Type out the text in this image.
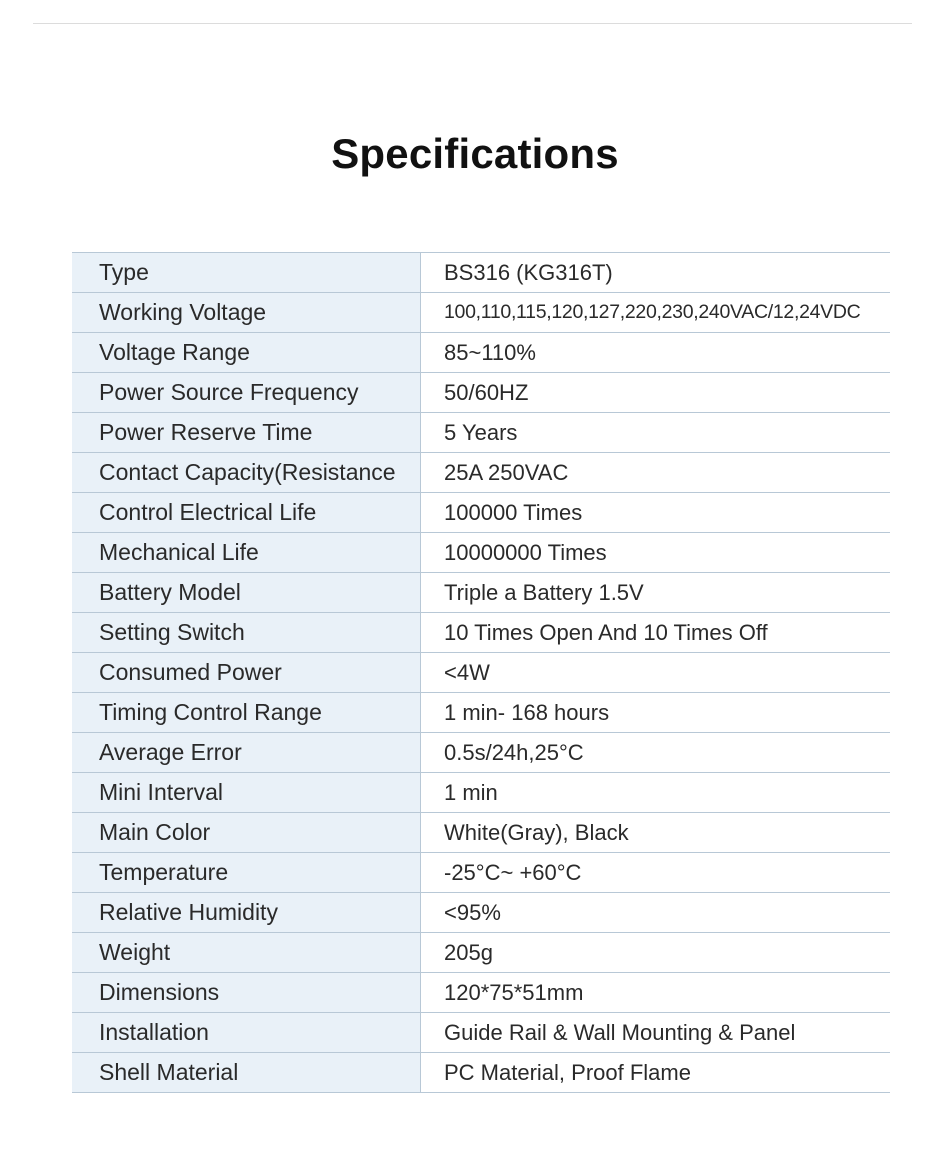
Specifications
Type	BS316 (KG316T)
Working Voltage	100,110,115,120,127,220,230,240VAC/12,24VDC
Voltage Range	85~110%
Power Source Frequency	50/60HZ
Power Reserve Time	5 Years
Contact Capacity(Resistance	25A 250VAC
Control Electrical Life	100000 Times
Mechanical Life	10000000 Times
Battery Model	Triple a Battery 1.5V
Setting Switch	10 Times Open And 10 Times Off
Consumed Power	<4W
Timing Control Range	1 min- 168 hours
Average Error	0.5s/24h,25°C
Mini Interval	1 min
Main Color	White(Gray), Black
Temperature	-25°C~ +60°C
Relative Humidity	<95%
Weight	205g
Dimensions	120*75*51mm
Installation	Guide Rail & Wall Mounting & Panel
Shell Material	PC Material, Proof Flame
